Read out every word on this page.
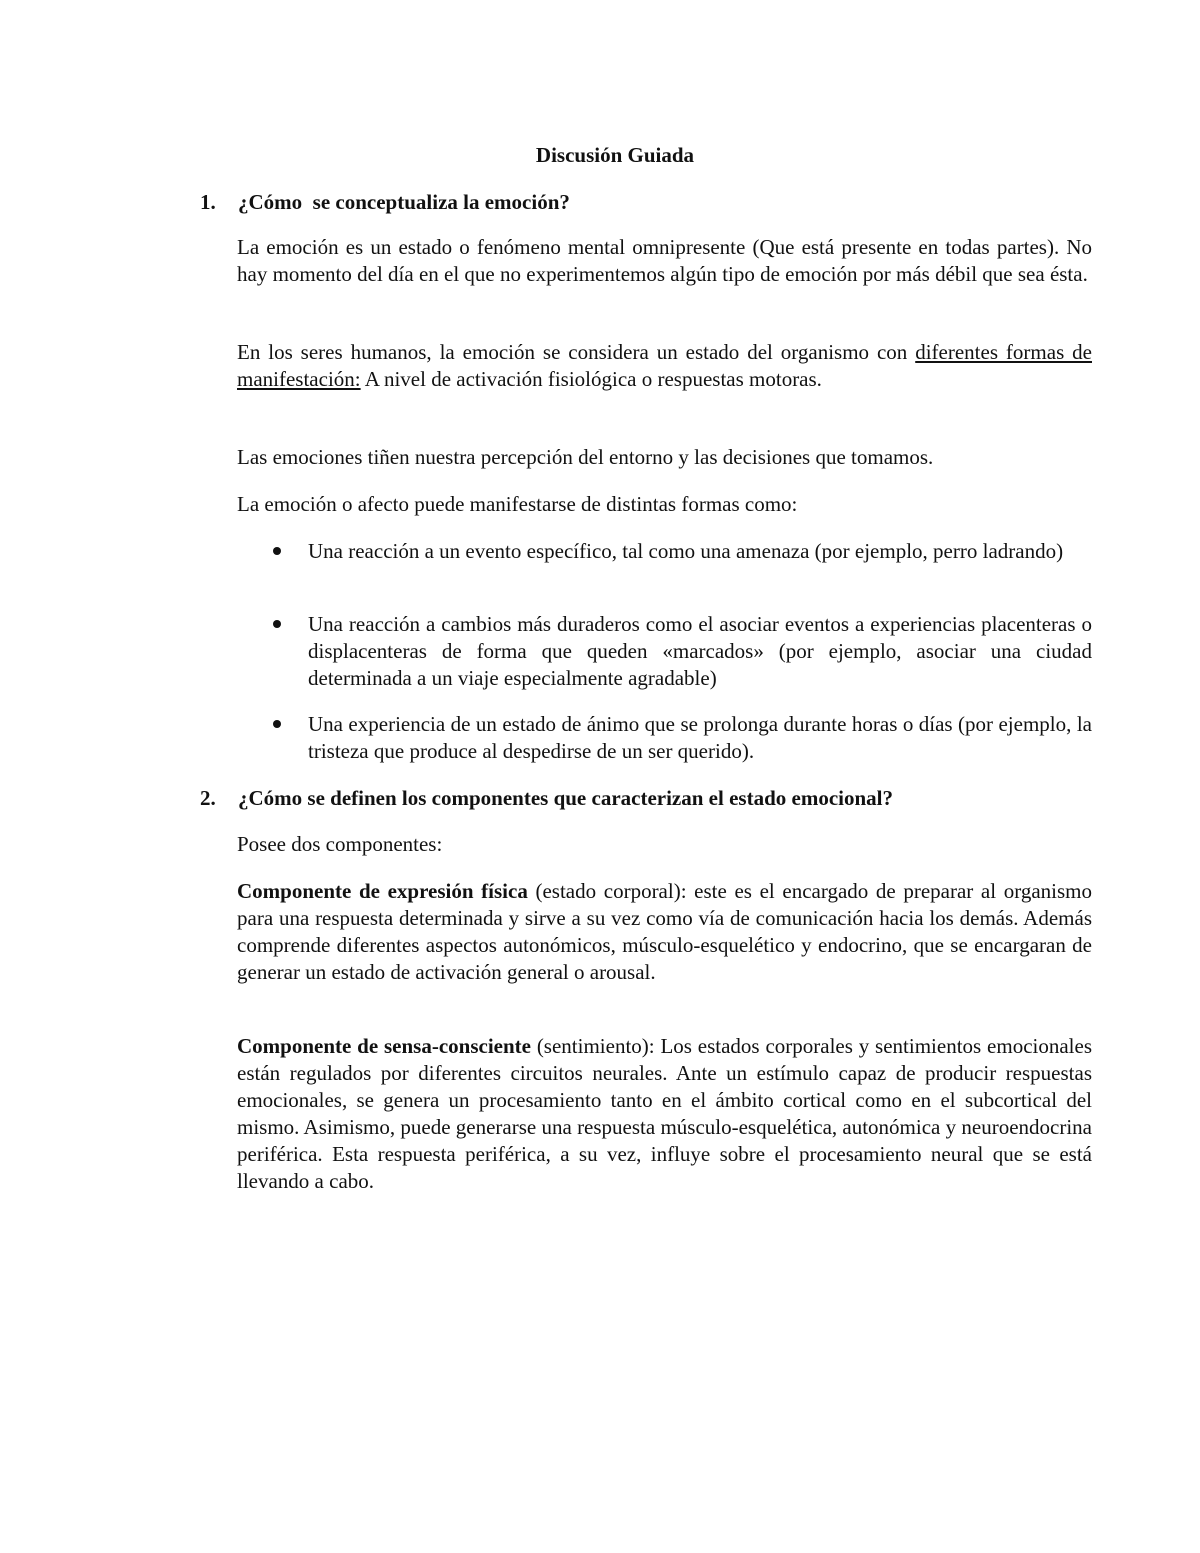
Discusión Guiada
1.	¿Cómo  se conceptualiza la emoción?

La emoción es un estado o fenómeno mental omnipresente (Que está presente en todas partes). No hay momento del día en el que no experimentemos algún tipo de emoción por más débil que sea ésta.

En los seres humanos, la emoción se considera un estado del organismo con diferentes formas de manifestación: A nivel de activación fisiológica o respuestas motoras.

Las emociones tiñen nuestra percepción del entorno y las decisiones que tomamos.

La emoción o afecto puede manifestarse de distintas formas como:

Una reacción a un evento específico, tal como una amenaza (por ejemplo, perro ladrando)
Una reacción a cambios más duraderos como el asociar eventos a experiencias placenteras o displacenteras de forma que queden «marcados» (por ejemplo, asociar una ciudad determinada a un viaje especialmente agradable)
Una experiencia de un estado de ánimo que se prolonga durante horas o días (por ejemplo, la tristeza que produce al despedirse de un ser querido).
2.	¿Cómo se definen los componentes que caracterizan el estado emocional?

Posee dos componentes:

Componente de expresión física (estado corporal): este es el encargado de preparar al organismo  para una respuesta determinada y sirve a su vez como vía de comunicación hacia los demás. Además comprende diferentes aspectos autonómicos, músculo-esquelético y endocrino, que se encargaran de generar un estado de activación general o arousal.

Componente de sensa-consciente (sentimiento): Los estados corporales y sentimientos emocionales están regulados por diferentes circuitos neurales. Ante un estímulo capaz de producir respuestas emocionales, se genera un procesamiento tanto en el ámbito cortical como en el subcortical del mismo. Asimismo, puede generarse una respuesta músculo-esquelética, autonómica y neuroendocrina periférica. Esta respuesta periférica, a su vez, influye sobre el procesamiento neural que se está llevando a cabo.
